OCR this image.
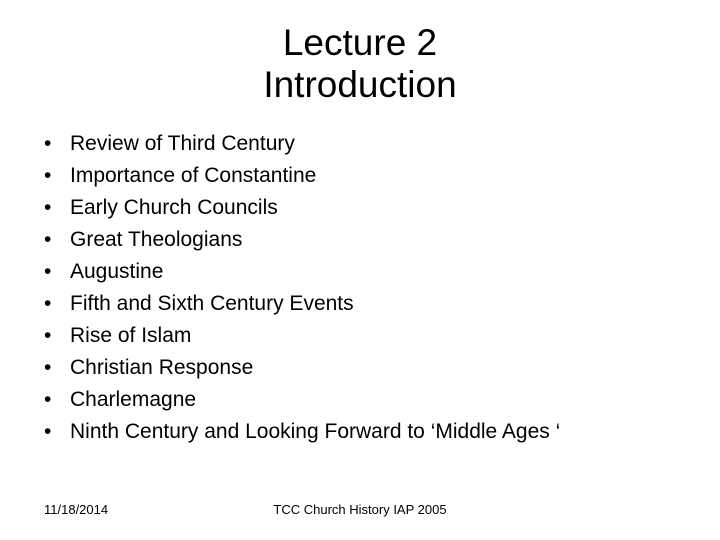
Lecture 2
Introduction
• Review of Third Century
• Importance of Constantine
• Early Church Councils
• Great Theologians
• Augustine
• Fifth and Sixth Century Events
• Rise of Islam
• Christian Response
• Charlemagne
• Ninth Century and Looking Forward to ‘Middle Ages ‘
11/18/2014	TCC Church History IAP 2005
